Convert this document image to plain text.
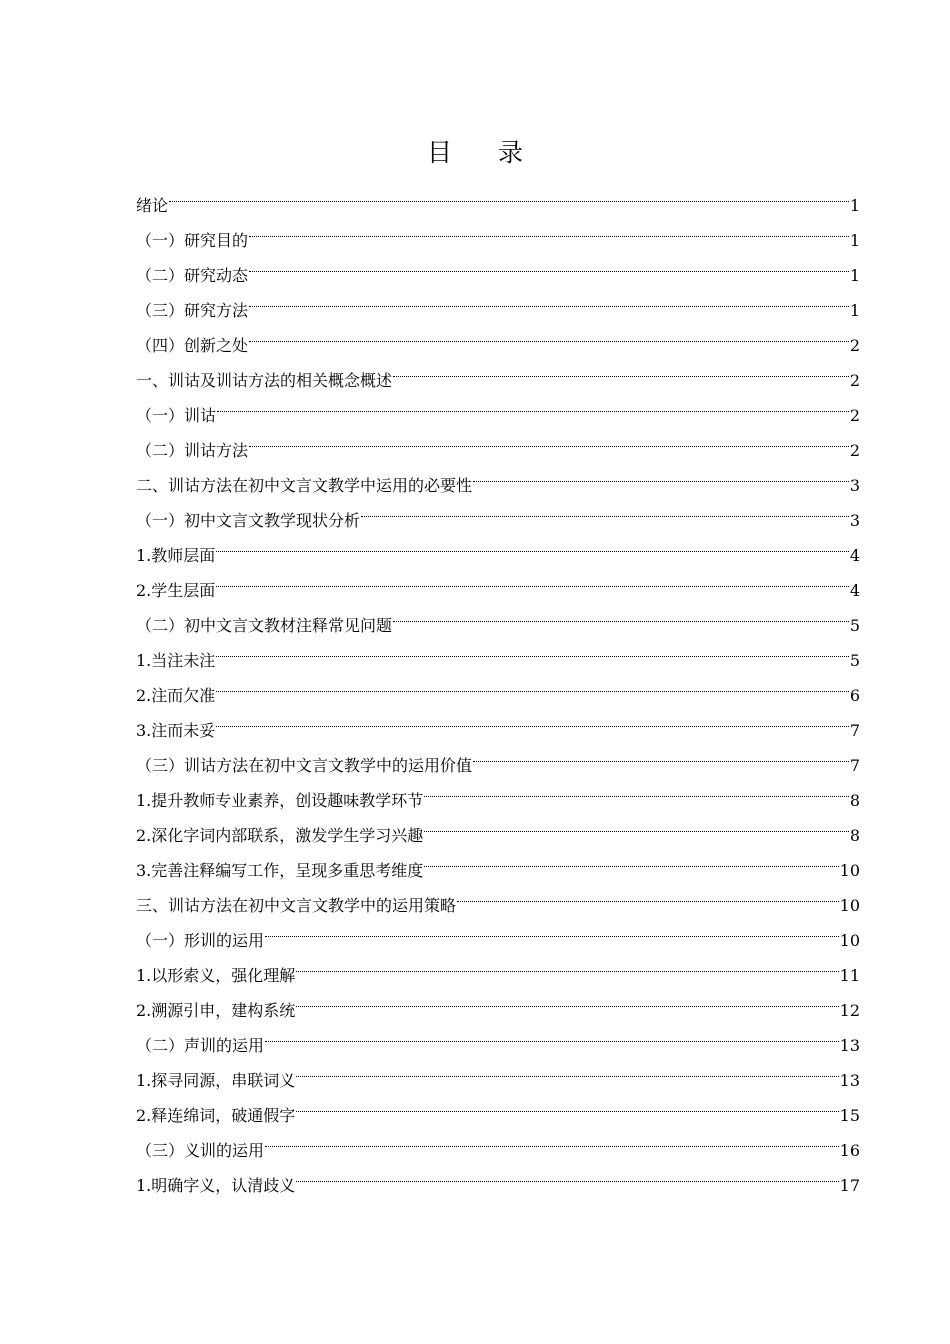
目 录
绪论	1
（一）研究目的	1
（二）研究动态	1
（三）研究方法	1
（四）创新之处	2
一、训诂及训诂方法的相关概念概述	2
（一）训诂	2
（二）训诂方法	2
二、训诂方法在初中文言文教学中运用的必要性	3
（一）初中文言文教学现状分析	3
1.教师层面	4
2.学生层面	4
（二）初中文言文教材注释常见问题	5
1.当注未注	5
2.注而欠准	6
3.注而未妥	7
（三）训诂方法在初中文言文教学中的运用价值	7
1.提升教师专业素养，创设趣味教学环节	8
2.深化字词内部联系，激发学生学习兴趣	8
3.完善注释编写工作，呈现多重思考维度	10
三、训诂方法在初中文言文教学中的运用策略	10
（一）形训的运用	10
1.以形索义，强化理解	11
2.溯源引申，建构系统	12
（二）声训的运用	13
1.探寻同源，串联词义	13
2.释连绵词，破通假字	15
（三）义训的运用	16
1.明确字义，认清歧义	17
